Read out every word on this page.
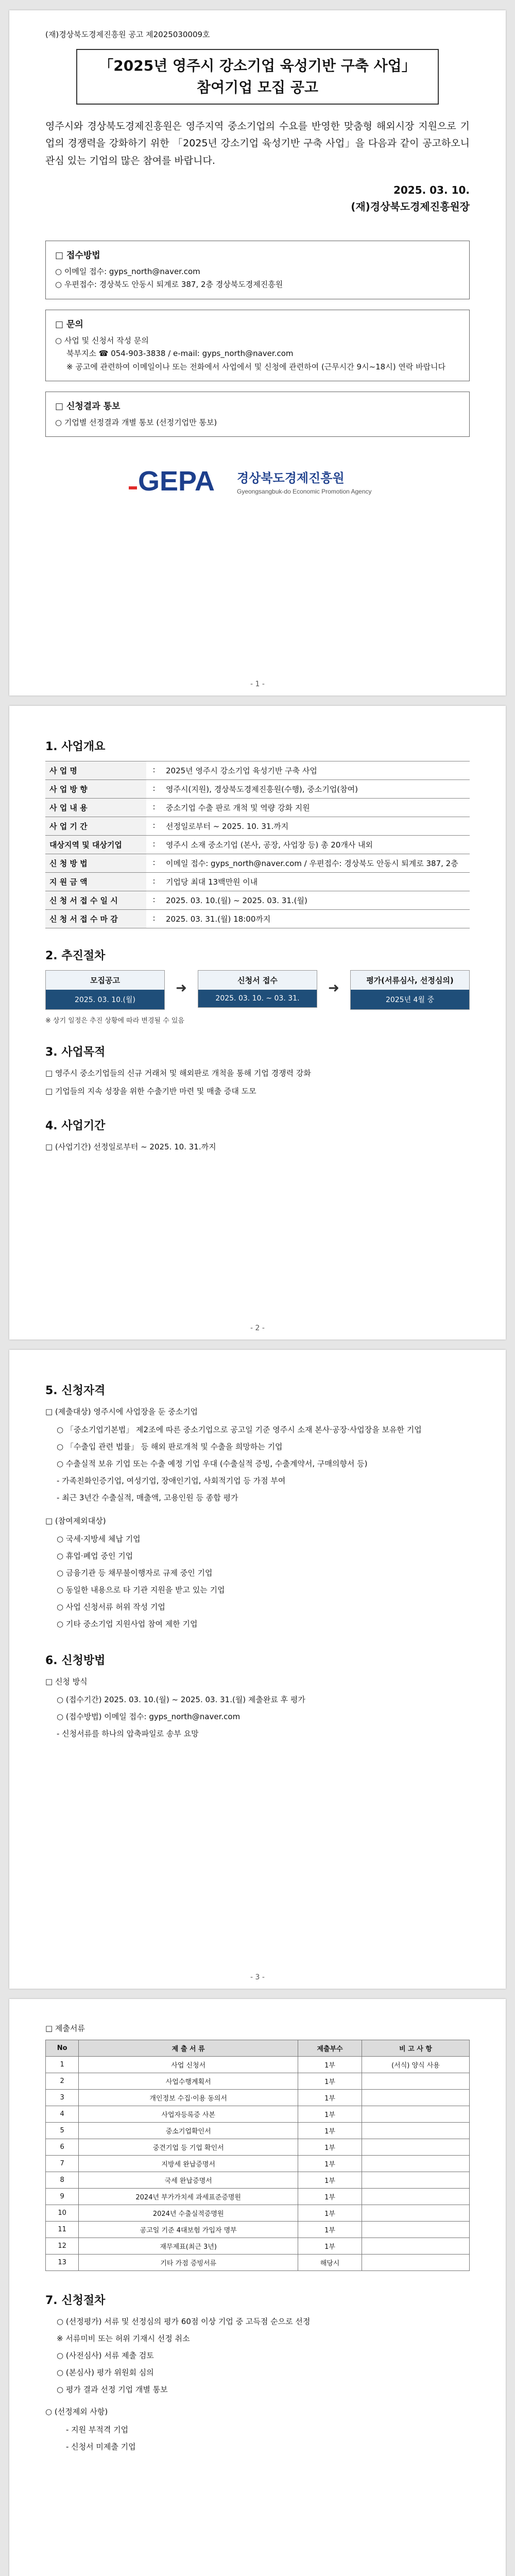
(재)경상북도경제진흥원 공고 제2025030009호
「2025년 영주시 강소기업 육성기반 구축 사업」
참여기업 모집 공고
영주시와 경상북도경제진흥원은 영주지역 중소기업의 수요를 반영한 맞춤형 해외시장 지원으로 기업의 경쟁력을 강화하기 위한 「2025년 강소기업 육성기반 구축 사업」을 다음과 같이 공고하오니 관심 있는 기업의 많은 참여를 바랍니다.
2025. 03. 10.
(재)경상북도경제진흥원장
□ 접수방법
○ 이메일 접수: gyps_north@naver.com
○ 우편접수: 경상북도 안동시 퇴계로 387, 2층 경상북도경제진흥원
□ 문의
○ 사업 및 신청서 작성 문의
북부지소 ☎ 054-903-3838 / e-mail: gyps_north@naver.com
※ 공고에 관련하여 이메일이나 또는 전화에서 사업에서 및 신청에 관련하여 (근무시간 9시~18시) 연락 바랍니다
□ 신청결과 통보
○ 기업별 선정결과 개별 통보 (선정기업만 통보)
GEPA 경상북도경제진흥원
Gyeongsangbuk-do Economic Promotion Agency
- 1 -
1. 사업개요
사 업 명	:	2025년 영주시 강소기업 육성기반 구축 사업
사 업 방 향	:	영주시(지원), 경상북도경제진흥원(수행), 중소기업(참여)
사 업 내 용	:	중소기업 수출 판로 개척 및 역량 강화 지원
사 업 기 간	:	선정일로부터 ~ 2025. 10. 31.까지
대상지역 및 대상기업	:	영주시 소재 중소기업 (본사, 공장, 사업장 등) 총 20개사 내외
신 청 방 법	:	이메일 접수: gyps_north@naver.com / 우편접수: 경상북도 안동시 퇴계로 387, 2층
지 원 금 액	:	기업당 최대 13백만원 이내
신 청 서 접 수 일 시	:	2025. 03. 10.(월) ~ 2025. 03. 31.(월)
신 청 서 접 수 마 감	:	2025. 03. 31.(월) 18:00까지
2. 추진절차
모집공고
2025. 03. 10.(월)
➜	신청서 접수
2025. 03. 10. ~ 03. 31.
➜	평가(서류심사, 선정심의)
2025년 4월 중
※ 상기 일정은 추진 상황에 따라 변경될 수 있음
3. 사업목적
□ 영주시 중소기업들의 신규 거래처 및 해외판로 개척을 통해 기업 경쟁력 강화
□ 기업들의 지속 성장을 위한 수출기반 마련 및 매출 증대 도모
4. 사업기간
□ (사업기간) 선정일로부터 ~ 2025. 10. 31.까지
- 2 -
5. 신청자격
□ (제출대상) 영주시에 사업장을 둔 중소기업
○ 「중소기업기본법」 제2조에 따른 중소기업으로 공고일 기준 영주시 소재 본사·공장·사업장을 보유한 기업
○ 「수출입 관련 법률」 등 해외 판로개척 및 수출을 희망하는 기업
○ 수출실적 보유 기업 또는 수출 예정 기업 우대 (수출실적 증빙, 수출계약서, 구매의향서 등)
- 가족친화인증기업, 여성기업, 장애인기업, 사회적기업 등 가점 부여
- 최근 3년간 수출실적, 매출액, 고용인원 등 종합 평가
□ (참여제외대상)
○ 국세·지방세 체납 기업
○ 휴업·폐업 중인 기업
○ 금융기관 등 채무불이행자로 규제 중인 기업
○ 동일한 내용으로 타 기관 지원을 받고 있는 기업
○ 사업 신청서류 허위 작성 기업
○ 기타 중소기업 지원사업 참여 제한 기업
6. 신청방법
□ 신청 방식
○ (접수기간) 2025. 03. 10.(월) ~ 2025. 03. 31.(월) 제출완료 후 평가
○ (접수방법) 이메일 접수: gyps_north@naver.com
- 신청서류를 하나의 압축파일로 송부 요망
- 3 -
□ 제출서류
No	제 출 서 류	제출부수	비 고 사 항
1	사업 신청서	1부	(서식) 양식 사용
2	사업수행계획서	1부	
3	개인정보 수집·이용 동의서	1부	
4	사업자등록증 사본	1부	
5	중소기업확인서	1부	
6	중견기업 등 기업 확인서	1부	
7	지방세 완납증명서	1부	
8	국세 완납증명서	1부	
9	2024년 부가가치세 과세표준증명원	1부	
10	2024년 수출실적증명원	1부	
11	공고일 기준 4대보험 가입자 명부	1부	
12	재무제표(최근 3년)	1부	
13	기타 가점 증빙서류	해당시	
7. 신청절차
○ (선정평가) 서류 및 선정심의 평가 60점 이상 기업 중 고득점 순으로 선정
※ 서류미비 또는 허위 기재시 선정 취소
○ (사전심사) 서류 제출 검토
○ (본심사) 평가 위원회 심의
○ 평가 결과 선정 기업 개별 통보
○ (선정제외 사항)
- 지원 부적격 기업
- 신청서 미제출 기업
